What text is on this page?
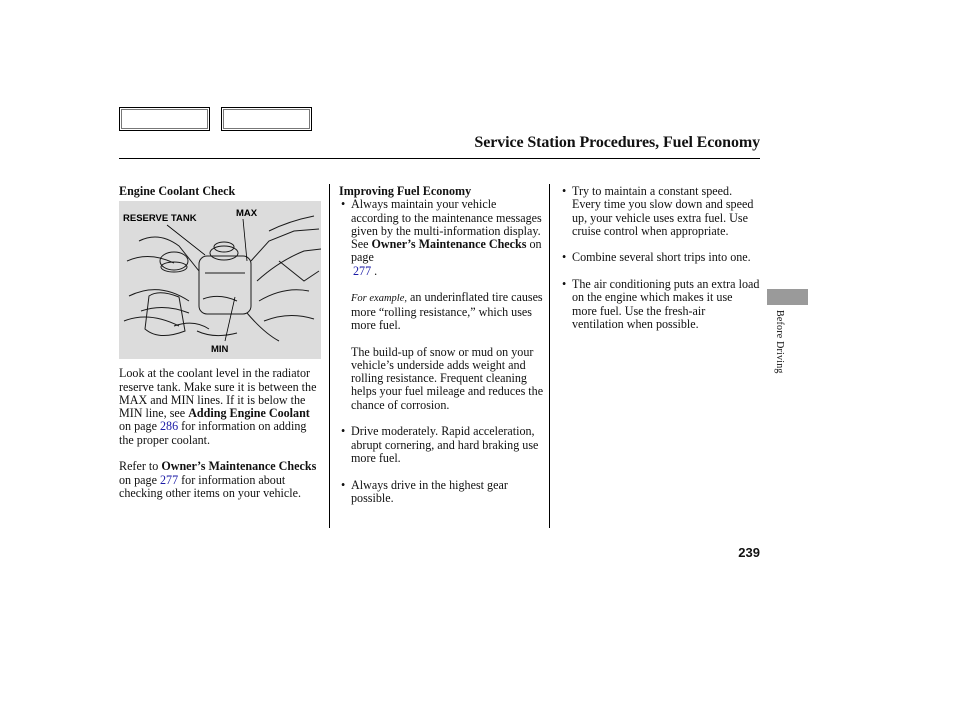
Service Station Procedures, Fuel Economy
Engine Coolant Check
RESERVE TANK	MAX
MIN

Look at the coolant level in the radiator reserve tank. Make sure it is between the MAX and MIN lines. If it is below the MIN line, see Adding Engine Coolant on page 286 for information on adding the proper coolant.

Refer to Owner’s Maintenance Checks on page 277 for information about checking other items on your vehicle.

Improving Fuel Economy
• Always maintain your vehicle according to the maintenance messages given by the multi-information display. See Owner’s Maintenance Checks on page
277 .

For example, an underinflated tire causes more “rolling resistance,” which uses more fuel.

The build-up of snow or mud on your vehicle’s underside adds weight and rolling resistance. Frequent cleaning helps your fuel mileage and reduces the chance of corrosion.

• Drive moderately. Rapid acceleration, abrupt cornering, and hard braking use more fuel.
• Always drive in the highest gear possible.
• Try to maintain a constant speed. Every time you slow down and speed up, your vehicle uses extra fuel. Use cruise control when appropriate.
• Combine several short trips into one.
• The air conditioning puts an extra load on the engine which makes it use more fuel. Use the fresh-air ventilation when possible.	Before Driving
239
